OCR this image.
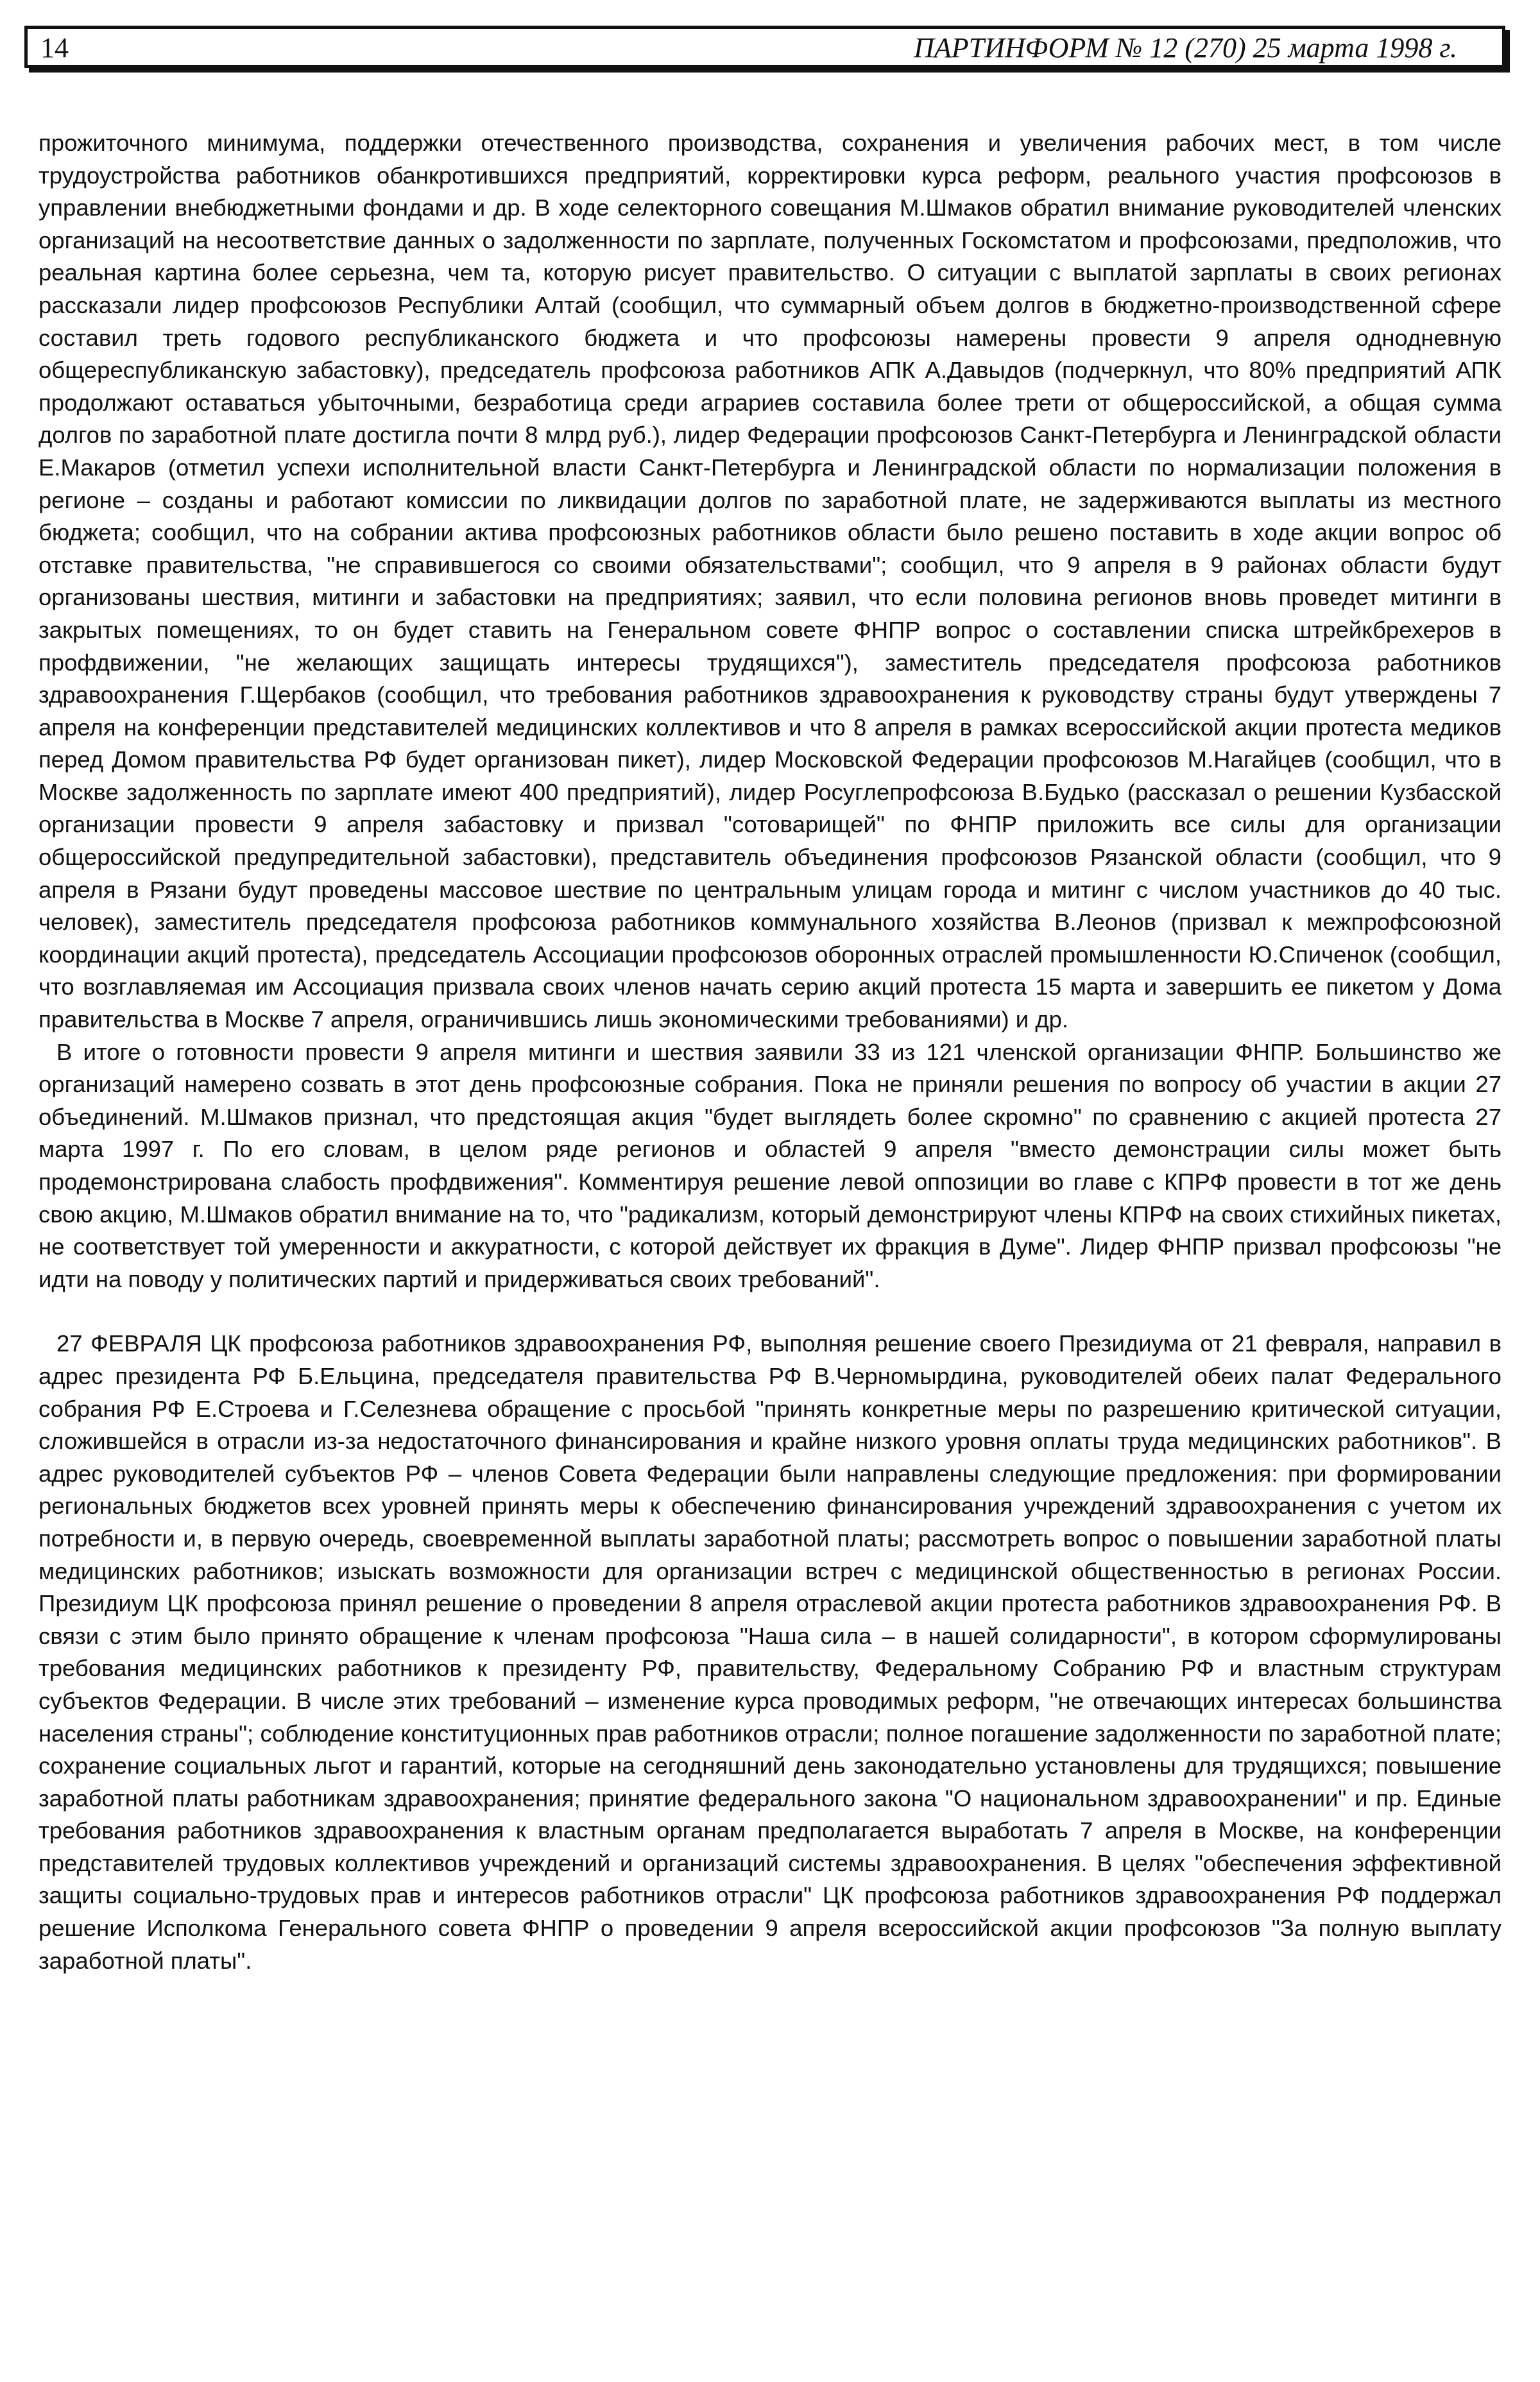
14	ПАРТИНФОРМ № 12 (270) 25 марта 1998 г.

прожиточного минимума, поддержки отечественного производства, сохранения и увеличения рабочих мест, в том числе трудоустройства работников обанкротившихся предприятий, корректировки курса реформ, реального участия профсоюзов в управлении внебюджетными фондами и др. В ходе селекторного совещания М.Шмаков обратил внимание руководителей членских организаций на несоответствие данных о задолженности по зарплате, полученных Госкомстатом и профсоюзами, предположив, что реальная картина более серьезна, чем та, которую рисует правительство. О ситуации с выплатой зарплаты в своих регионах рассказали лидер профсоюзов Республики Алтай (сообщил, что суммарный объем долгов в бюджетно-производственной сфере составил треть годового республиканского бюджета и что профсоюзы намерены провести 9 апреля однодневную общереспубликанскую забастовку), председатель профсоюза работников АПК А.Давыдов (подчеркнул, что 80% предприятий АПК продолжают оставаться убыточными, безработица среди аграриев составила более трети от общероссийской, а общая сумма долгов по заработной плате достигла почти 8 млрд руб.), лидер Федерации профсоюзов Санкт-Петербурга и Ленинградской области Е.Макаров (отметил успехи исполнительной власти Санкт-Петербурга и Ленинградской области по нормализации положения в регионе – созданы и работают комиссии по ликвидации долгов по заработной плате, не задерживаются выплаты из местного бюджета; сообщил, что на собрании актива профсоюзных работников области было решено поставить в ходе акции вопрос об отставке правительства, "не справившегося со своими обязательствами"; сообщил, что 9 апреля в 9 районах области будут организованы шествия, митинги и забастовки на предприятиях; заявил, что если половина регионов вновь проведет митинги в закрытых помещениях, то он будет ставить на Генеральном совете ФНПР вопрос о составлении списка штрейкбрехеров в профдвижении, "не желающих защищать интересы трудящихся"), заместитель председателя профсоюза работников здравоохранения Г.Щербаков (сообщил, что требования работников здравоохранения к руководству страны будут утверждены 7 апреля на конференции представителей медицинских коллективов и что 8 апреля в рамках всероссийской акции протеста медиков перед Домом правительства РФ будет организован пикет), лидер Московской Федерации профсоюзов М.Нагайцев (сообщил, что в Москве задолженность по зарплате имеют 400 предприятий), лидер Росуглепрофсоюза В.Будько (рассказал о решении Кузбасской организации провести 9 апреля забастовку и призвал "сотоварищей" по ФНПР приложить все силы для организации общероссийской предупредительной забастовки), представитель объединения профсоюзов Рязанской области (сообщил, что 9 апреля в Рязани будут проведены массовое шествие по центральным улицам города и митинг с числом участников до 40 тыс. человек), заместитель председателя профсоюза работников коммунального хозяйства В.Леонов (призвал к межпрофсоюзной координации акций протеста), председатель Ассоциации профсоюзов оборонных отраслей промышленности Ю.Спиченок (сообщил, что возглавляемая им Ассоциация призвала своих членов начать серию акций протеста 15 марта и завершить ее пикетом у Дома правительства в Москве 7 апреля, ограничившись лишь экономическими требованиями) и др.

В итоге о готовности провести 9 апреля митинги и шествия заявили 33 из 121 членской организации ФНПР. Большинство же организаций намерено созвать в этот день профсоюзные собрания. Пока не приняли решения по вопросу об участии в акции 27 объединений. М.Шмаков признал, что предстоящая акция "будет выглядеть более скромно" по сравнению с акцией протеста 27 марта 1997 г. По его словам, в целом ряде регионов и областей 9 апреля "вместо демонстрации силы может быть продемонстрирована слабость профдвижения". Комментируя решение левой оппозиции во главе с КПРФ провести в тот же день свою акцию, М.Шмаков обратил внимание на то, что "радикализм, который демонстрируют члены КПРФ на своих стихийных пикетах, не соответствует той умеренности и аккуратности, с которой действует их фракция в Думе". Лидер ФНПР призвал профсоюзы "не идти на поводу у политических партий и придерживаться своих требований".

27 ФЕВРАЛЯ ЦК профсоюза работников здравоохранения РФ, выполняя решение своего Президиума от 21 февраля, направил в адрес президента РФ Б.Ельцина, председателя правительства РФ В.Черномырдина, руководителей обеих палат Федерального собрания РФ Е.Строева и Г.Селезнева обращение с просьбой "принять конкретные меры по разрешению критической ситуации, сложившейся в отрасли из-за недостаточного финансирования и крайне низкого уровня оплаты труда медицинских работников". В адрес руководителей субъектов РФ – членов Совета Федерации были направлены следующие предложения: при формировании региональных бюджетов всех уровней принять меры к обеспечению финансирования учреждений здравоохранения с учетом их потребности и, в первую очередь, своевременной выплаты заработной платы; рассмотреть вопрос о повышении заработной платы медицинских работников; изыскать возможности для организации встреч с медицинской общественностью в регионах России. Президиум ЦК профсоюза принял решение о проведении 8 апреля отраслевой акции протеста работников здравоохранения РФ. В связи с этим было принято обращение к членам профсоюза "Наша сила – в нашей солидарности", в котором сформулированы требования медицинских работников к президенту РФ, правительству, Федеральному Собранию РФ и властным структурам субъектов Федерации. В числе этих требований – изменение курса проводимых реформ, "не отвечающих интересах большинства населения страны"; соблюдение конституционных прав работников отрасли; полное погашение задолженности по заработной плате; сохранение социальных льгот и гарантий, которые на сегодняшний день законодательно установлены для трудящихся; повышение заработной платы работникам здравоохранения; принятие федерального закона "О национальном здравоохранении" и пр. Единые требования работников здравоохранения к властным органам предполагается выработать 7 апреля в Москве, на конференции представителей трудовых коллективов учреждений и организаций системы здравоохранения. В целях "обеспечения эффективной защиты социально-трудовых прав и интересов работников отрасли" ЦК профсоюза работников здравоохранения РФ поддержал решение Исполкома Генерального совета ФНПР о проведении 9 апреля всероссийской акции профсоюзов "За полную выплату заработной платы".
